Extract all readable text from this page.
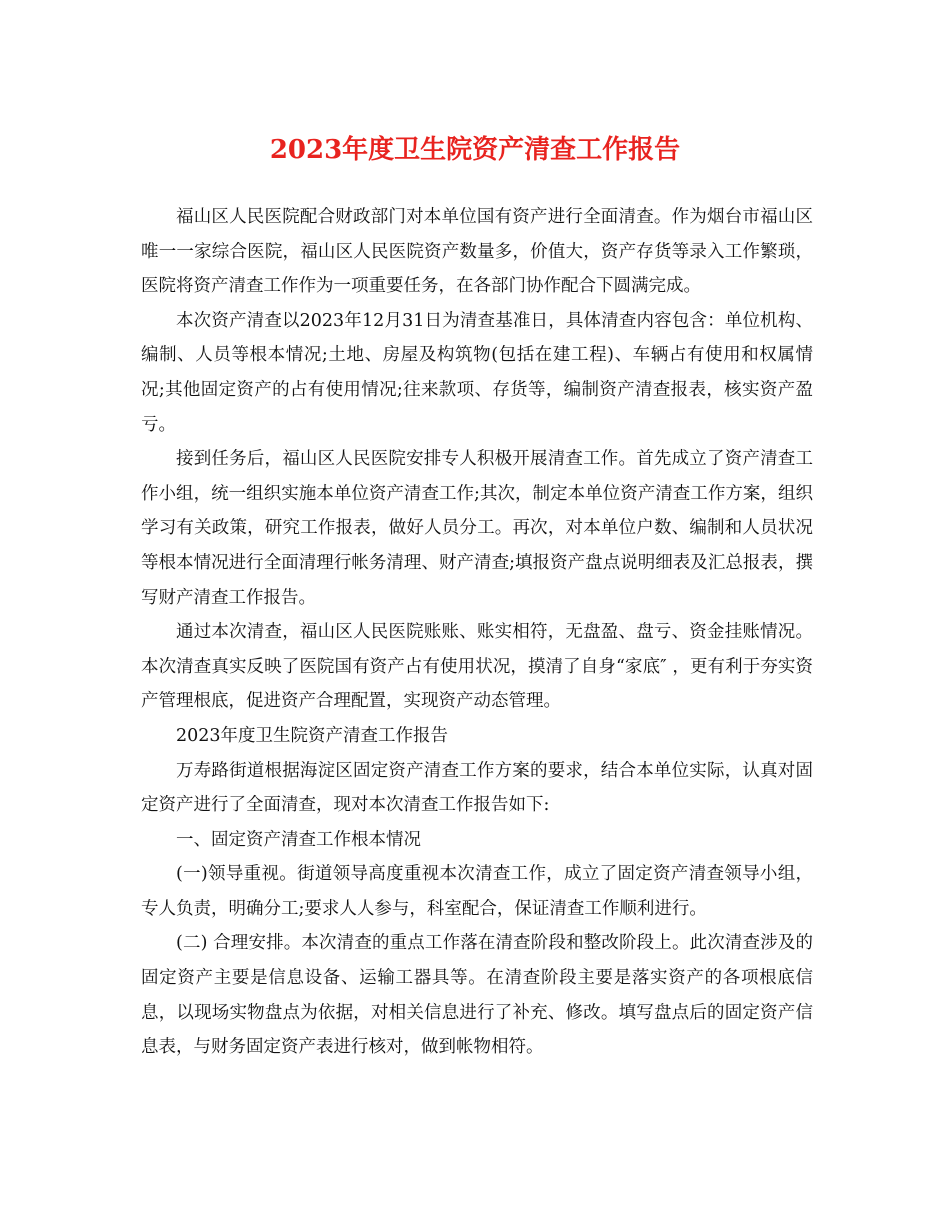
2023年度卫生院资产清查工作报告

福山区人民医院配合财政部门对本单位国有资产进行全面清查。作为烟台市福山区唯一一家综合医院，福山区人民医院资产数量多，价值大，资产存货等录入工作繁琐，医院将资产清查工作作为一项重要任务，在各部门协作配合下圆满完成。

本次资产清查以2023年12月31日为清查基准日，具体清查内容包含：单位机构、编制、人员等根本情况;土地、房屋及构筑物(包括在建工程)、车辆占有使用和权属情况;其他固定资产的占有使用情况;往来款项、存货等，编制资产清查报表，核实资产盈亏。

接到任务后，福山区人民医院安排专人积极开展清查工作。首先成立了资产清查工作小组，统一组织实施本单位资产清查工作;其次，制定本单位资产清查工作方案，组织学习有关政策，研究工作报表，做好人员分工。再次，对本单位户数、编制和人员状况等根本情况进行全面清理行帐务清理、财产清查;填报资产盘点说明细表及汇总报表，撰写财产清查工作报告。

通过本次清查，福山区人民医院账账、账实相符，无盘盈、盘亏、资金挂账情况。本次清查真实反映了医院国有资产占有使用状况，摸清了自身“家底″ ，更有利于夯实资产管理根底，促进资产合理配置，实现资产动态管理。

2023年度卫生院资产清查工作报告

万寿路街道根据海淀区固定资产清查工作方案的要求，结合本单位实际，认真对固定资产进行了全面清查，现对本次清查工作报告如下:

一、固定资产清查工作根本情况

(一)领导重视。街道领导高度重视本次清查工作，成立了固定资产清查领导小组，专人负责，明确分工;要求人人参与，科室配合，保证清查工作顺利进行。

(二) 合理安排。本次清查的重点工作落在清查阶段和整改阶段上。此次清查涉及的固定资产主要是信息设备、运输工器具等。在清查阶段主要是落实资产的各项根底信息，以现场实物盘点为依据，对相关信息进行了补充、修改。填写盘点后的固定资产信息表，与财务固定资产表进行核对，做到帐物相符。
